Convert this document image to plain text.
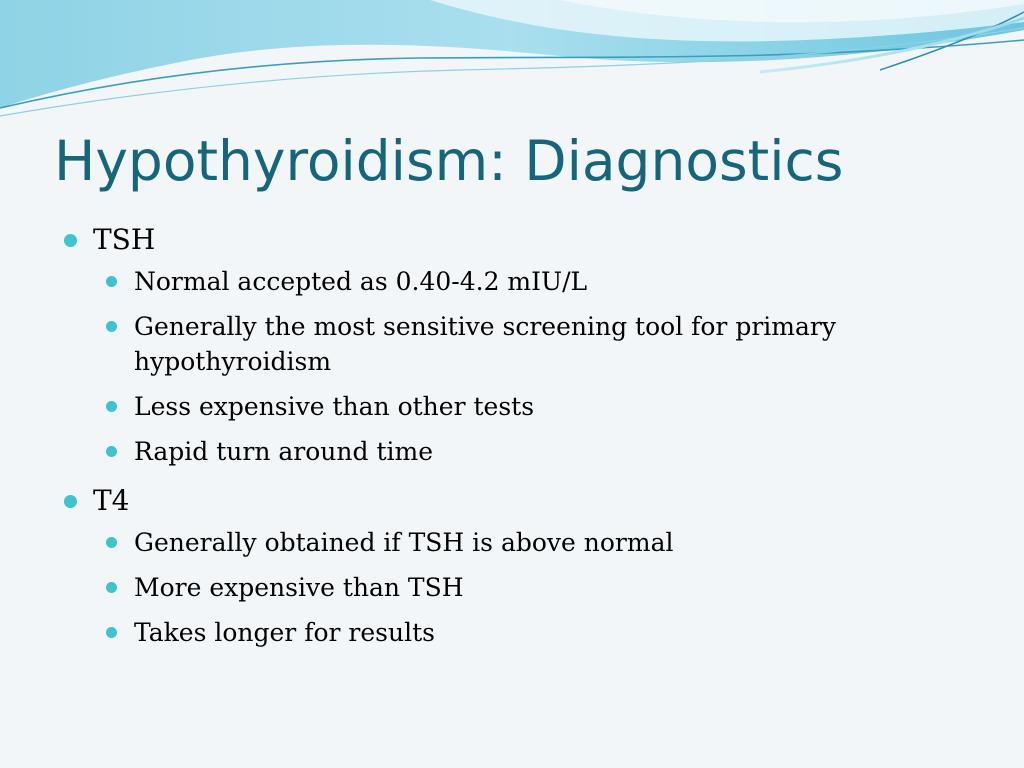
Hypothyroidism: Diagnostics
TSH
Normal accepted as 0.40-4.2 mIU/L
Generally the most sensitive screening tool for primary hypothyroidism
Less expensive than other tests
Rapid turn around time
T4
Generally obtained if TSH is above normal
More expensive than TSH
Takes longer for results
